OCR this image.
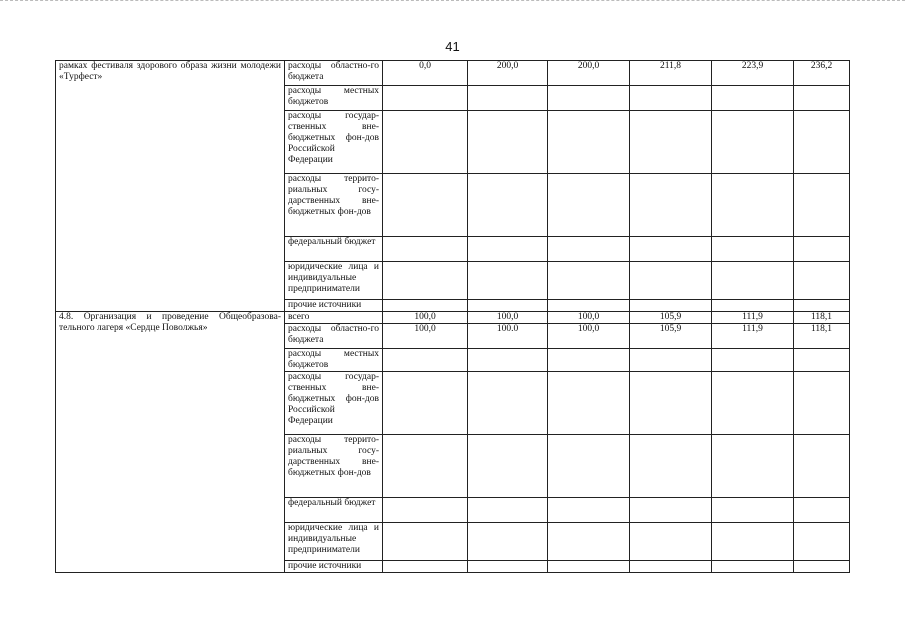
41
рамках фестиваля здорового образа жизни молодежи «Турфест»	расходы областно-го бюджета	0,0	200,0	200,0	211,8	223,9	236,2
	расходы местных бюджетов						
	расходы государ-ственных вне-бюджетных фон-дов Российской Федерации						
	расходы террито-риальных госу-дарственных вне-бюджетных фон-дов						
	федеральный бюджет						
	юридические лица и индивидуальные предприниматели						
	прочие источники						
4.8. Организация и проведение Общеобразова-тельного лагеря «Сердце Поволжья»	всего	100,0	100,0	100,0	105,9	111,9	118,1
	расходы областно-го бюджета	100,0	100.0	100,0	105,9	111,9	118,1
	расходы местных бюджетов						
	расходы государ-ственных вне-бюджетных фон-дов Российской Федерации						
	расходы террито-риальных госу-дарственных вне-бюджетных фон-дов						
	федеральный бюджет						
	юридические лица и индивидуальные предприниматели						
	прочие источники						
